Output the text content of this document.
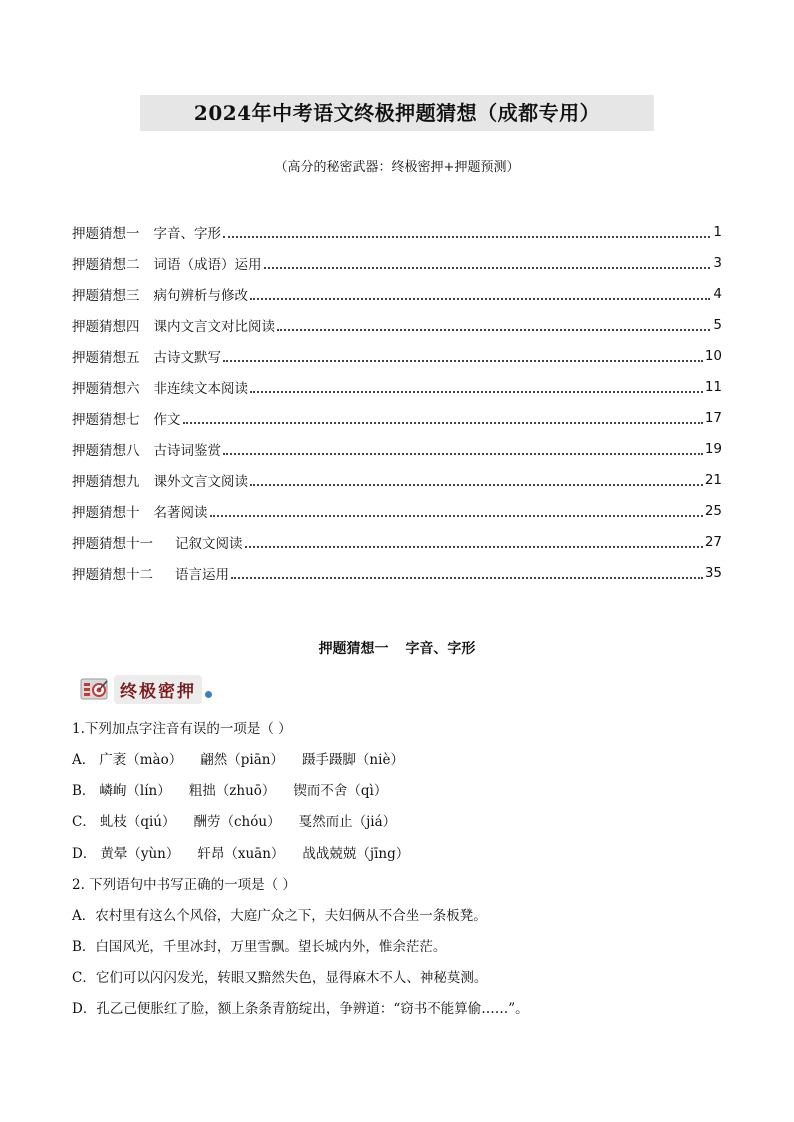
2024年中考语文终极押题猜想（成都专用）
（高分的秘密武器：终极密押+押题预测）
押题猜想一 字音、字形	1
押题猜想二 词语（成语）运用	3
押题猜想三 病句辨析与修改	4
押题猜想四 课内文言文对比阅读	5
押题猜想五 古诗文默写	10
押题猜想六 非连续文本阅读	11
押题猜想七 作文	17
押题猜想八 古诗词鉴赏	19
押题猜想九 课外文言文阅读	21
押题猜想十 名著阅读	25
押题猜想十一 记叙文阅读	27
押题猜想十二 语言运用	35
押题猜想一 字音、字形
终极密押
1.下列加点字注音有误的一项是（ ）
A． 广袤（mào） 翩然（piān） 蹑手蹑脚（niè）
B． 嶙峋（lín） 粗拙（zhuō） 锲而不舍（qì）
C． 虬枝（qiú） 酬劳（chóu） 戛然而止（jiá）
D． 黄晕（yùn） 轩昂（xuān） 战战兢兢（jīng）
2. 下列语句中书写正确的一项是（ ）
A．农村里有这么个风俗，大庭广众之下，夫妇俩从不合坐一条板凳。
B．白国风光，千里冰封，万里雪飘。望长城内外，惟余茫茫。
C．它们可以闪闪发光，转眼又黯然失色，显得麻木不人、神秘莫测。
D．孔乙己便胀红了脸，额上条条青筋绽出，争辨道：“窃书不能算偷……”。
